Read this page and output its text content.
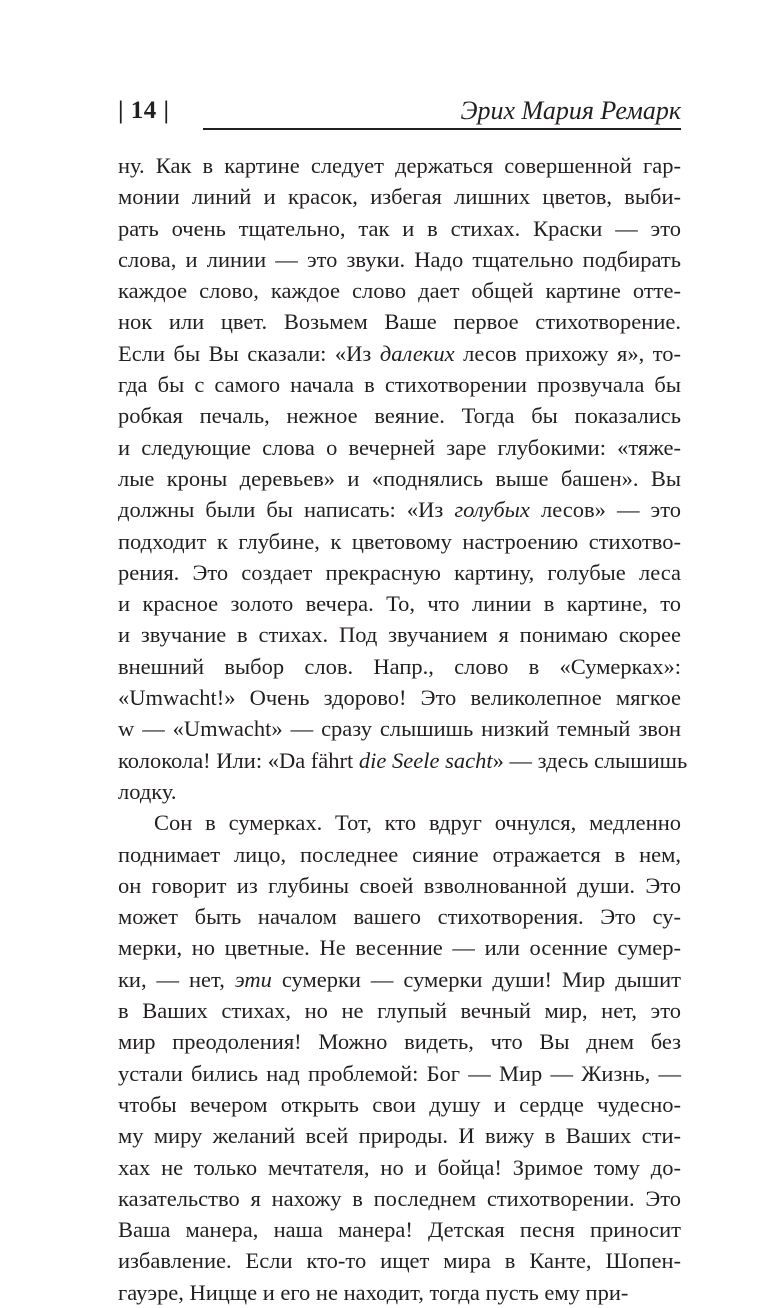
| 14 |	Эрих Мария Ремарк
ну. Как в картине следует держаться совершенной гар-
монии линий и красок, избегая лишних цветов, выби-
рать очень тщательно, так и в стихах. Краски — это
слова, и линии — это звуки. Надо тщательно подбирать
каждое слово, каждое слово дает общей картине отте-
нок или цвет. Возьмем Ваше первое стихотворение.
Если бы Вы сказали: «Из далеких лесов прихожу я», то-
гда бы с самого начала в стихотворении прозвучала бы
робкая печаль, нежное веяние. Тогда бы показались
и следующие слова о вечерней заре глубокими: «тяже-
лые кроны деревьев» и «поднялись выше башен». Вы
должны были бы написать: «Из голубых лесов» — это
подходит к глубине, к цветовому настроению стихотво-
рения. Это создает прекрасную картину, голубые леса
и красное золото вечера. То, что линии в картине, то
и звучание в стихах. Под звучанием я понимаю скорее
внешний выбор слов. Напр., слово в «Сумерках»:
«Umwacht!» Очень здорово! Это великолепное мягкое
w — «Umwacht» — сразу слышишь низкий темный звон
колокола! Или: «Da fährt die Seele sacht» — здесь слышишь
лодку.
Сон в сумерках. Тот, кто вдруг очнулся, медленно
поднимает лицо, последнее сияние отражается в нем,
он говорит из глубины своей взволнованной души. Это
может быть началом вашего стихотворения. Это су-
мерки, но цветные. Не весенние — или осенние сумер-
ки, — нет, эти сумерки — сумерки души! Мир дышит
в Ваших стихах, но не глупый вечный мир, нет, это
мир преодоления! Можно видеть, что Вы днем без
устали бились над проблемой: Бог — Мир — Жизнь, —
чтобы вечером открыть свои душу и сердце чудесно-
му миру желаний всей природы. И вижу в Ваших сти-
хах не только мечтателя, но и бойца! Зримое тому до-
казательство я нахожу в последнем стихотворении. Это
Ваша манера, наша манера! Детская песня приносит
избавление. Если кто-то ищет мира в Канте, Шопен-
гауэре, Ницще и его не находит, тогда пусть ему при-
